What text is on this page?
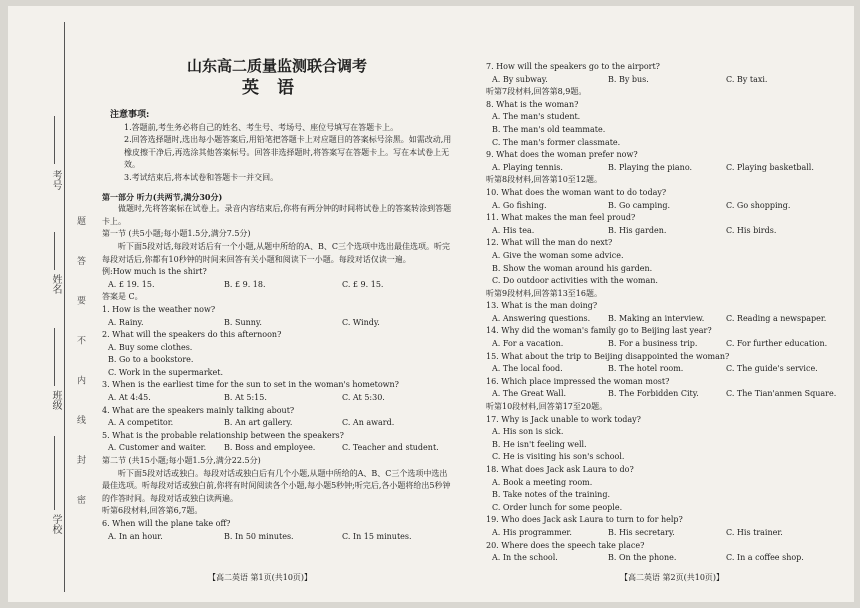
考号
姓名
班级
学校
题 答 要 不 内 线 封 密
山东高二质量监测联合调考
英语
注意事项:
1.答题前,考生务必将自己的姓名、考生号、考场号、座位号填写在答题卡上。
2.回答选择题时,选出每小题答案后,用铅笔把答题卡上对应题目的答案标号涂黑。如需改动,用橡皮擦干净后,再选涂其他答案标号。回答非选择题时,将答案写在答题卡上。写在本试卷上无效。
3.考试结束后,将本试卷和答题卡一并交回。
第一部分 听力(共两节,满分30分)
做题时,先将答案标在试卷上。录音内容结束后,你将有两分钟的时间将试卷上的答案转涂到答题卡上。
第一节 (共5小题;每小题1.5分,满分7.5分)
听下面5段对话,每段对话后有一个小题,从题中所给的A、B、C三个选项中选出最佳选项。听完每段对话后,你都有10秒钟的时间来回答有关小题和阅读下一小题。每段对话仅读一遍。
例:How much is the shirt?
A. £ 19. 15.	B. £ 9. 18.	C. £ 9. 15.
答案是 C。
1. How is the weather now?
A. Rainy.	B. Sunny.	C. Windy.
2. What will the speakers do this afternoon?
A. Buy some clothes.
B. Go to a bookstore.
C. Work in the supermarket.
3. When is the earliest time for the sun to set in the woman's hometown?
A. At 4:45.	B. At 5:15.	C. At 5:30.
4. What are the speakers mainly talking about?
A. A competitor.	B. An art gallery.	C. An award.
5. What is the probable relationship between the speakers?
A. Customer and waiter.	B. Boss and employee.	C. Teacher and student.
第二节 (共15小题;每小题1.5分,满分22.5分)
听下面5段对话或独白。每段对话或独白后有几个小题,从题中所给的A、B、C三个选项中选出最佳选项。听每段对话或独白前,你将有时间阅读各个小题,每小题5秒钟;听完后,各小题将给出5秒钟的作答时间。每段对话或独白读两遍。
听第6段材料,回答第6,7题。
6. When will the plane take off?
A. In an hour.	B. In 50 minutes.	C. In 15 minutes.
7. How will the speakers go to the airport?
A. By subway.	B. By bus.	C. By taxi.
听第7段材料,回答第8,9题。
8. What is the woman?
A. The man's student.
B. The man's old teammate.
C. The man's former classmate.
9. What does the woman prefer now?
A. Playing tennis.	B. Playing the piano.	C. Playing basketball.
听第8段材料,回答第10至12题。
10. What does the woman want to do today?
A. Go fishing.	B. Go camping.	C. Go shopping.
11. What makes the man feel proud?
A. His tea.	B. His garden.	C. His birds.
12. What will the man do next?
A. Give the woman some advice.
B. Show the woman around his garden.
C. Do outdoor activities with the woman.
听第9段材料,回答第13至16题。
13. What is the man doing?
A. Answering questions.	B. Making an interview.	C. Reading a newspaper.
14. Why did the woman's family go to Beijing last year?
A. For a vacation.	B. For a business trip.	C. For further education.
15. What about the trip to Beijing disappointed the woman?
A. The local food.	B. The hotel room.	C. The guide's service.
16. Which place impressed the woman most?
A. The Great Wall.	B. The Forbidden City.	C. The Tian'anmen Square.
听第10段材料,回答第17至20题。
17. Why is Jack unable to work today?
A. His son is sick.
B. He isn't feeling well.
C. He is visiting his son's school.
18. What does Jack ask Laura to do?
A. Book a meeting room.
B. Take notes of the training.
C. Order lunch for some people.
19. Who does Jack ask Laura to turn to for help?
A. His programmer.	B. His secretary.	C. His trainer.
20. Where does the speech take place?
A. In the school.	B. On the phone.	C. In a coffee shop.
【高二英语 第1页(共10页)】	【高二英语 第2页(共10页)】
